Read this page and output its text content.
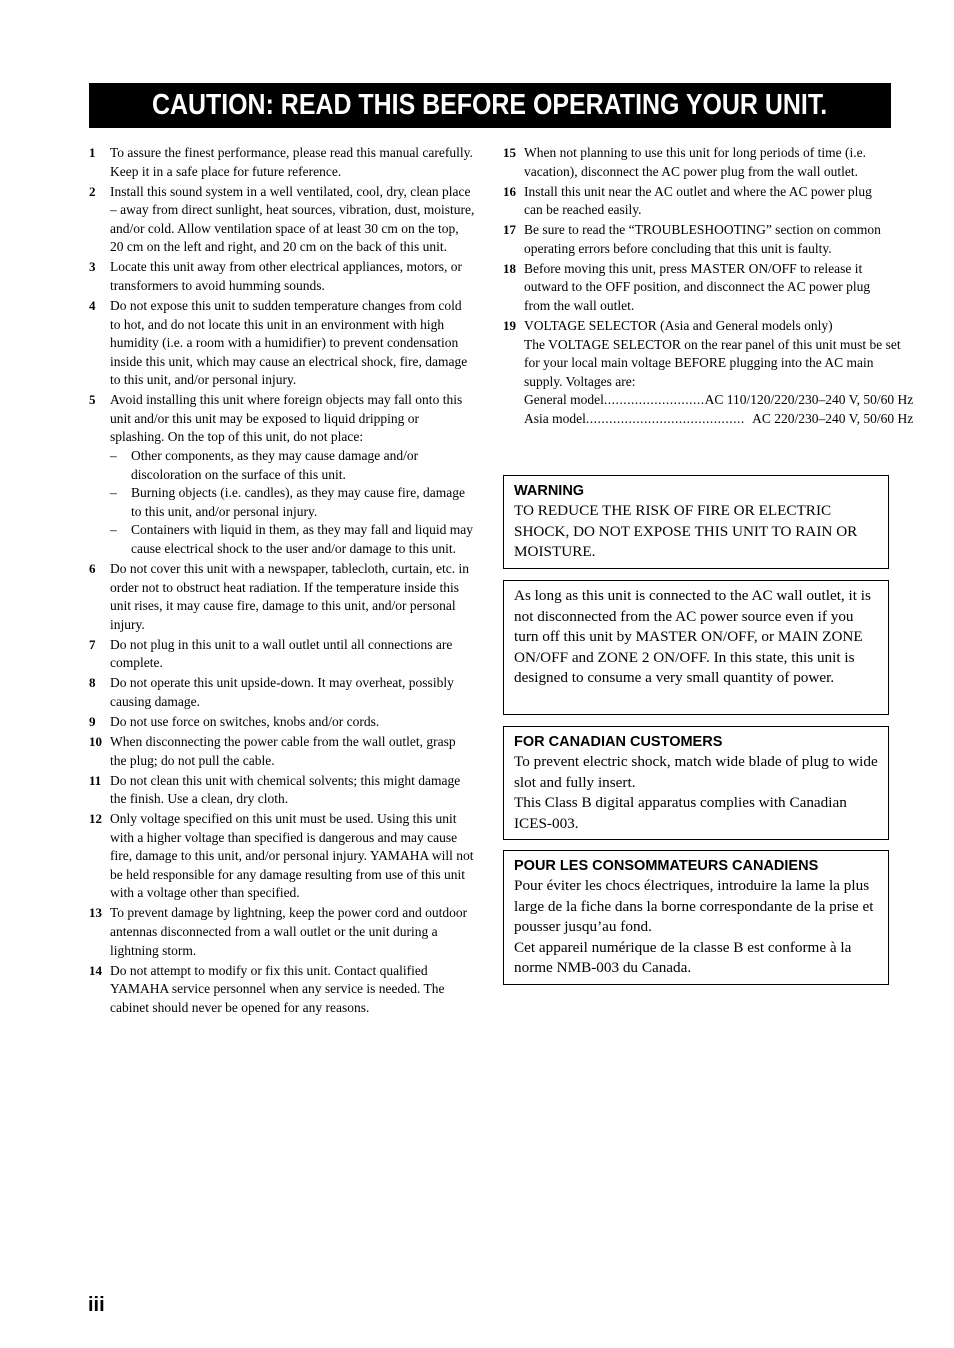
CAUTION: READ THIS BEFORE OPERATING YOUR UNIT.
1	To assure the finest performance, please read this manual carefully. Keep it in a safe place for future reference.
2	Install this sound system in a well ventilated, cool, dry, clean place – away from direct sunlight, heat sources, vibration, dust, moisture, and/or cold. Allow ventilation space of at least 30 cm on the top, 20 cm on the left and right, and 20 cm on the back of this unit.
3	Locate this unit away from other electrical appliances, motors, or transformers to avoid humming sounds.
4	Do not expose this unit to sudden temperature changes from cold to hot, and do not locate this unit in an environment with high humidity (i.e. a room with a humidifier) to prevent condensation inside this unit, which may cause an electrical shock, fire, damage to this unit, and/or personal injury.
5	Avoid installing this unit where foreign objects may fall onto this unit and/or this unit may be exposed to liquid dripping or splashing. On the top of this unit, do not place:
–	Other components, as they may cause damage and/or discoloration on the surface of this unit.
–	Burning objects (i.e. candles), as they may cause fire, damage to this unit, and/or personal injury.
–	Containers with liquid in them, as they may fall and liquid may cause electrical shock to the user and/or damage to this unit.
6	Do not cover this unit with a newspaper, tablecloth, curtain, etc. in order not to obstruct heat radiation. If the temperature inside this unit rises, it may cause fire, damage to this unit, and/or personal injury.
7	Do not plug in this unit to a wall outlet until all connections are complete.
8	Do not operate this unit upside-down. It may overheat, possibly causing damage.
9	Do not use force on switches, knobs and/or cords.
10 When disconnecting the power cable from the wall outlet, grasp the plug; do not pull the cable.
11 Do not clean this unit with chemical solvents; this might damage the finish. Use a clean, dry cloth.
12 Only voltage specified on this unit must be used. Using this unit with a higher voltage than specified is dangerous and may cause fire, damage to this unit, and/or personal injury. YAMAHA will not be held responsible for any damage resulting from use of this unit with a voltage other than specified.
13 To prevent damage by lightning, keep the power cord and outdoor antennas disconnected from a wall outlet or the unit during a lightning storm.
14 Do not attempt to modify or fix this unit. Contact qualified YAMAHA service personnel when any service is needed. The cabinet should never be opened for any reasons.
15 When not planning to use this unit for long periods of time (i.e. vacation), disconnect the AC power plug from the wall outlet.
16 Install this unit near the AC outlet and where the AC power plug can be reached easily.
17 Be sure to read the “TROUBLESHOOTING” section on common operating errors before concluding that this unit is faulty.
18 Before moving this unit, press MASTER ON/OFF to release it outward to the OFF position, and disconnect the AC power plug from the wall outlet.
19 VOLTAGE SELECTOR (Asia and General models only)
The VOLTAGE SELECTOR on the rear panel of this unit must be set for your local main voltage BEFORE plugging into the AC main supply. Voltages are:
General model .......................... AC 110/120/220/230–240 V, 50/60 Hz
Asia model ......................................... AC 220/230–240 V, 50/60 Hz
WARNING
TO REDUCE THE RISK OF FIRE OR ELECTRIC SHOCK, DO NOT EXPOSE THIS UNIT TO RAIN OR MOISTURE.
As long as this unit is connected to the AC wall outlet, it is not disconnected from the AC power source even if you turn off this unit by MASTER ON/OFF, or MAIN ZONE ON/OFF and ZONE 2 ON/OFF. In this state, this unit is designed to consume a very small quantity of power.
FOR CANADIAN CUSTOMERS
To prevent electric shock, match wide blade of plug to wide slot and fully insert.
This Class B digital apparatus complies with Canadian ICES-003.
POUR LES CONSOMMATEURS CANADIENS
Pour éviter les chocs électriques, introduire la lame la plus large de la fiche dans la borne correspondante de la prise et pousser jusqu’au fond.
Cet appareil numérique de la classe B est conforme à la norme NMB-003 du Canada.
iii
